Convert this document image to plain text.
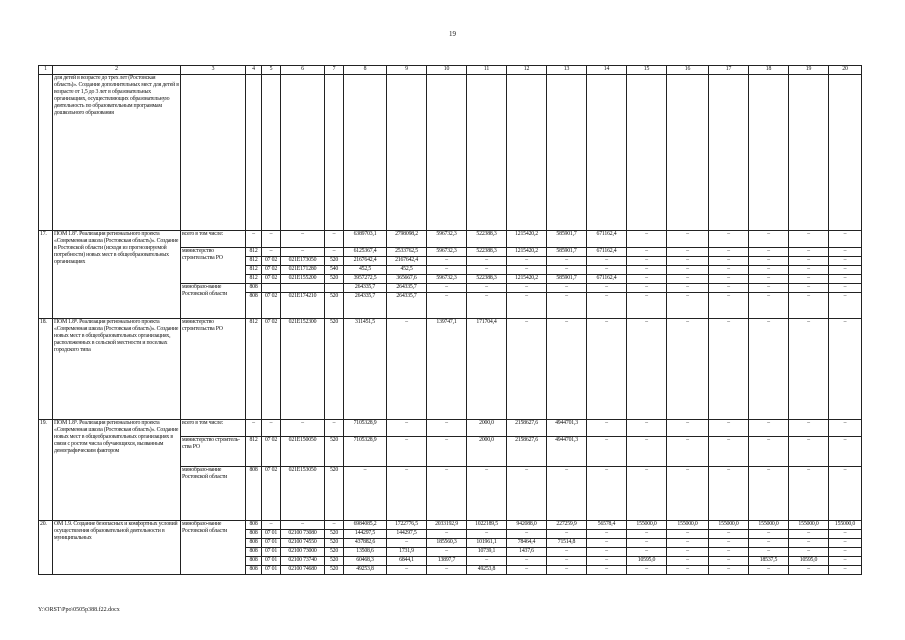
19
1	2	3	4	5	6	7	8	9	10	11	12	13	14	15	16	17	18	19	20	
	для детей в возрасте до трех лет (Ростовская область)». Создание дополнительных мест для детей в возрасте от 1,5 до 3 лет в образовательных организациях, осуществляющих образовательную деятельность по образовательным программам дошкольного образования																			
17.	ПОМ 1.8⁷. Реализация регионального проекта «Современная школа (Ростовская область)». Создание в Ростовской области (исходя из прогнозируемой потребности) новых мест в общеобразовательных организациях	всего в том числе:	–	–	–	–	6389703,1	2798098,2	596732,3	522388,3	1215420,2	585901,7	671162,4	–	–	–	–	–	–	
		министерство строительства РО	812	–	–	–	6125367,4	2533762,5	596732,3	522388,3	1215420,2	585901,7	671162,4	–	–	–	–	–	–	
			812	07 02	021E173050	520	2167642,4	2167642,4	–	–	–	–	–	–	–	–	–	–	–	
			812	07 02	021E171280	540	452,5	452,5	–	–	–	–	–	–	–	–	–	–	–	
			812	07 02	021E155200	520	3957272,5	365667,6	596732,3	522388,3	1215420,2	585901,7	671162,4	–	–	–	–	–	–	
		минобразо-вание Ростовской области	808				264335,7	264335,7	–	–	–	–	–	–	–	–	–	–	–	
			808	07 02	021E174210	520	264335,7	264335,7	–	–	–	–	–	–	–	–	–	–	–	
18.	ПОМ 1.8⁸. Реализация регионального проекта «Современная школа (Ростовская область)». Создание новых мест в общеобразовательных организациях, расположенных в сельской местности и поселках городского типа	министерство строительства РО	812	07 02	021E152300	520	311451,5	–	139747,1	171704,4	–	–	–	–	–	–	–	–	–	
19.	ПОМ 1.8⁹. Реализация регионального проекта «Современная школа (Ростовская область)». Создание новых мест в общеобразовательных организациях в связи с ростом числа обучающихся, вызванным демографическим фактором	всего в том числе:	–	–	–	–	7105328,9	–	–	2000,0	2158627,6	4944701,3	–	–	–	–	–	–	–	
		министерство строитель-ства РО	812	07 02	021E150050	520	7105328,9	–	–	2000,0	2158627,6	4944701,3	–	–	–	–	–	–	–	
		минобразо-вание Ростовской области	808	07 02	021E153050	520	–	–	–	–	–	–	–	–	–	–	–	–	–	
20.	ОМ 1.9. Создание безопасных и комфортных условий осуществления образовательной деятельности в муниципальных	минобразо-вание Ростовской области	808	–	–	–	6984085,2	1722776,5	2033192,9	1022189,5	942088,0	227259,9	56578,4	155000,0	155000,0	155000,0	155000,0	155000,0	155000,0	
			808	07 01	02100 73080	520	144297,5	144297,5	–	–	–	–	–	–	–	–	–	–	–	
			808	07 01	02100 74550	520	437882,6	–	185560,3	101961,1	78464,4	71514,8	–	–	–	–	–	–	–	
			808	07 01	02100 73000	520	13508,6	1731,9	–	10739,1	1437,6	–	–	–	–	–	–	–	–	
			808	07 01	02100 73740	520	60468,3	6844,1	13897,7	–	–	–	–	10595,0	–	–	18537,5	10595,0	–	
			808	07 01	02100 74680	520	49253,8	–	–	49253,8	–	–	–	–	–	–	–	–	–	
Y:\ORST\Ppo\0505p388.f22.docx
